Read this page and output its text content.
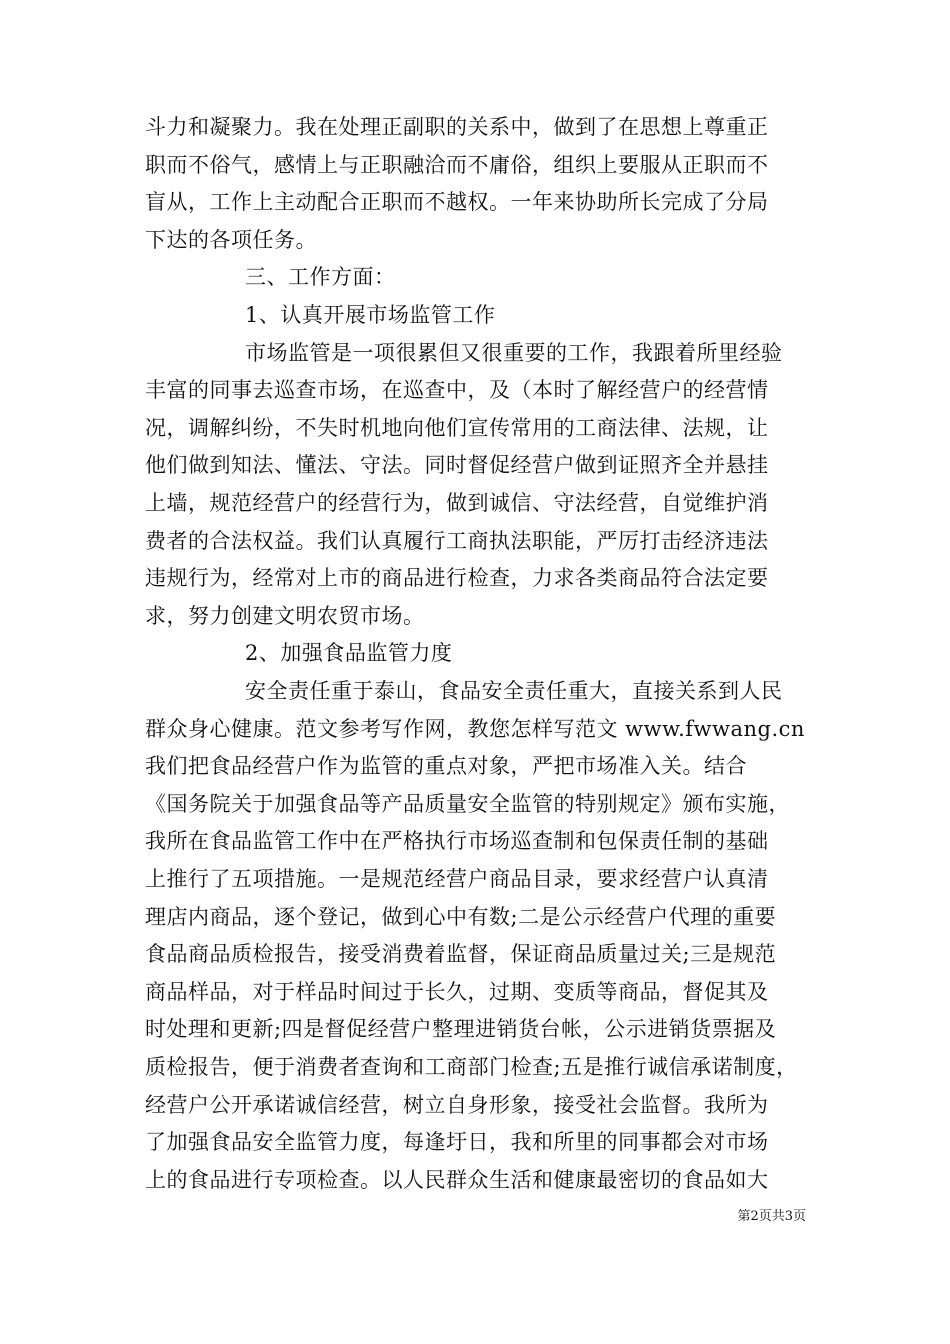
斗力和凝聚力。我在处理正副职的关系中，做到了在思想上尊重正
职而不俗气，感情上与正职融洽而不庸俗，组织上要服从正职而不
盲从，工作上主动配合正职而不越权。一年来协助所长完成了分局
下达的各项任务。
三、工作方面：
1、认真开展市场监管工作
市场监管是一项很累但又很重要的工作，我跟着所里经验
丰富的同事去巡查市场，在巡查中，及（本时了解经营户的经营情
况，调解纠纷，不失时机地向他们宣传常用的工商法律、法规，让
他们做到知法、懂法、守法。同时督促经营户做到证照齐全并悬挂
上墙，规范经营户的经营行为，做到诚信、守法经营，自觉维护消
费者的合法权益。我们认真履行工商执法职能，严厉打击经济违法
违规行为，经常对上市的商品进行检查，力求各类商品符合法定要
求，努力创建文明农贸市场。
2、加强食品监管力度
安全责任重于泰山，食品安全责任重大，直接关系到人民
群众身心健康。范文参考写作网，教您怎样写范文 www.fwwang.cn
我们把食品经营户作为监管的重点对象，严把市场准入关。结合
《国务院关于加强食品等产品质量安全监管的特别规定》颁布实施，
我所在食品监管工作中在严格执行市场巡查制和包保责任制的基础
上推行了五项措施。一是规范经营户商品目录，要求经营户认真清
理店内商品，逐个登记，做到心中有数;二是公示经营户代理的重要
食品商品质检报告，接受消费着监督，保证商品质量过关;三是规范
商品样品，对于样品时间过于长久，过期、变质等商品，督促其及
时处理和更新;四是督促经营户整理进销货台帐，公示进销货票据及
质检报告，便于消费者查询和工商部门检查;五是推行诚信承诺制度，
经营户公开承诺诚信经营，树立自身形象，接受社会监督。我所为
了加强食品安全监管力度，每逢圩日，我和所里的同事都会对市场
上的食品进行专项检查。以人民群众生活和健康最密切的食品如大
第2页共3页
